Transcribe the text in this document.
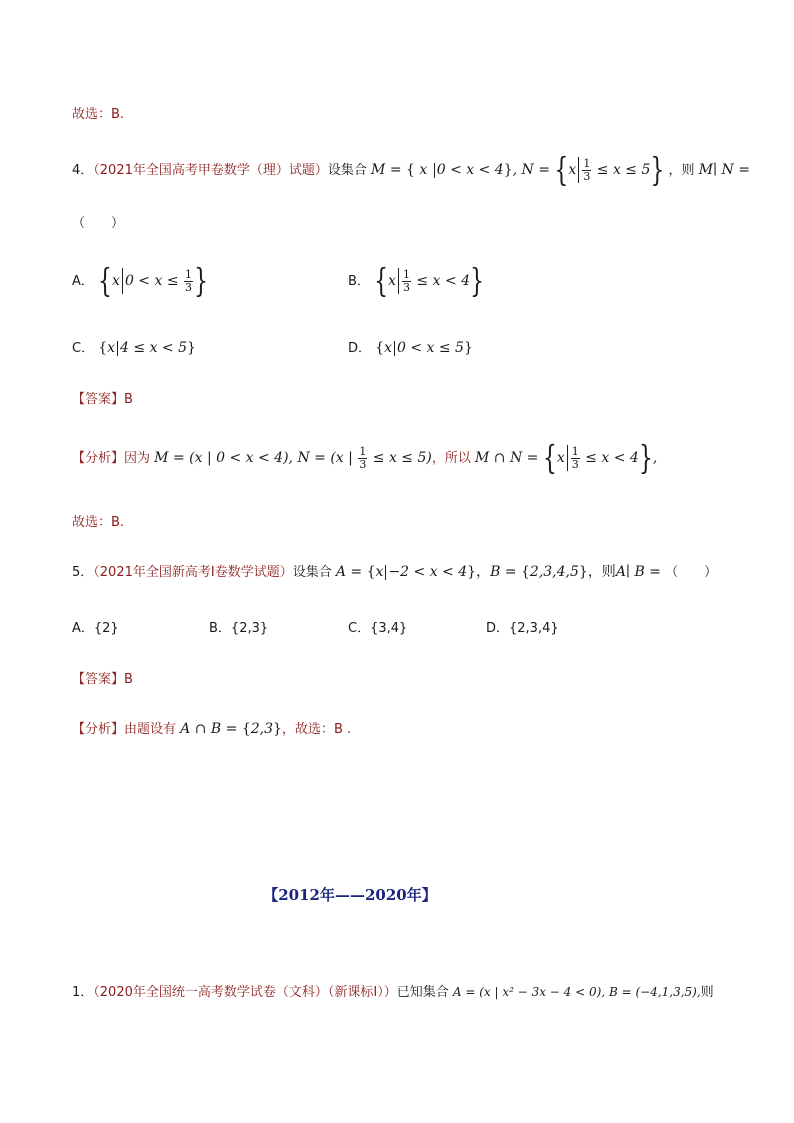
故选：B.
4．（2021年全国高考甲卷数学（理）试题）设集合 M = { x 0 < x < 4}, $N = \{x \frac{1}{3} \le x \le 5\}$ ，则 M∣ N =
（　　）
A． {x $0 < x \le \frac{1}{3}$ }	B． $\{x \frac{1}{3} \le x < 4\}$
C． {x 4 ≤ x < 5}	D． {x 0 < x ≤ 5}
【答案】B
【分析】因为 M = (x | 0 < x < 4), N = (x | $\frac{1}{3} \le x \le 5$)，所以 M ∩ $N = \{x \frac{1}{3} \le x < 4\}$,
故选：B.
5．（2021年全国新高考Ⅰ卷数学试题）设集合 A = {x −2 < x < 4}，B = {2,3,4,5}，则A∣ B = （　　）
A．{2}	B．{2,3}	C．{3,4}	D．{2,3,4}
【答案】B
【分析】由题设有 A ∩ B = {2,3}，故选：B .
【2012年——2020年】
1．（2020年全国统一高考数学试卷（文科）（新课标Ⅰ））已知集合 A = (x | x² − 3x − 4 < 0), B = (−4,1,3,5),则
